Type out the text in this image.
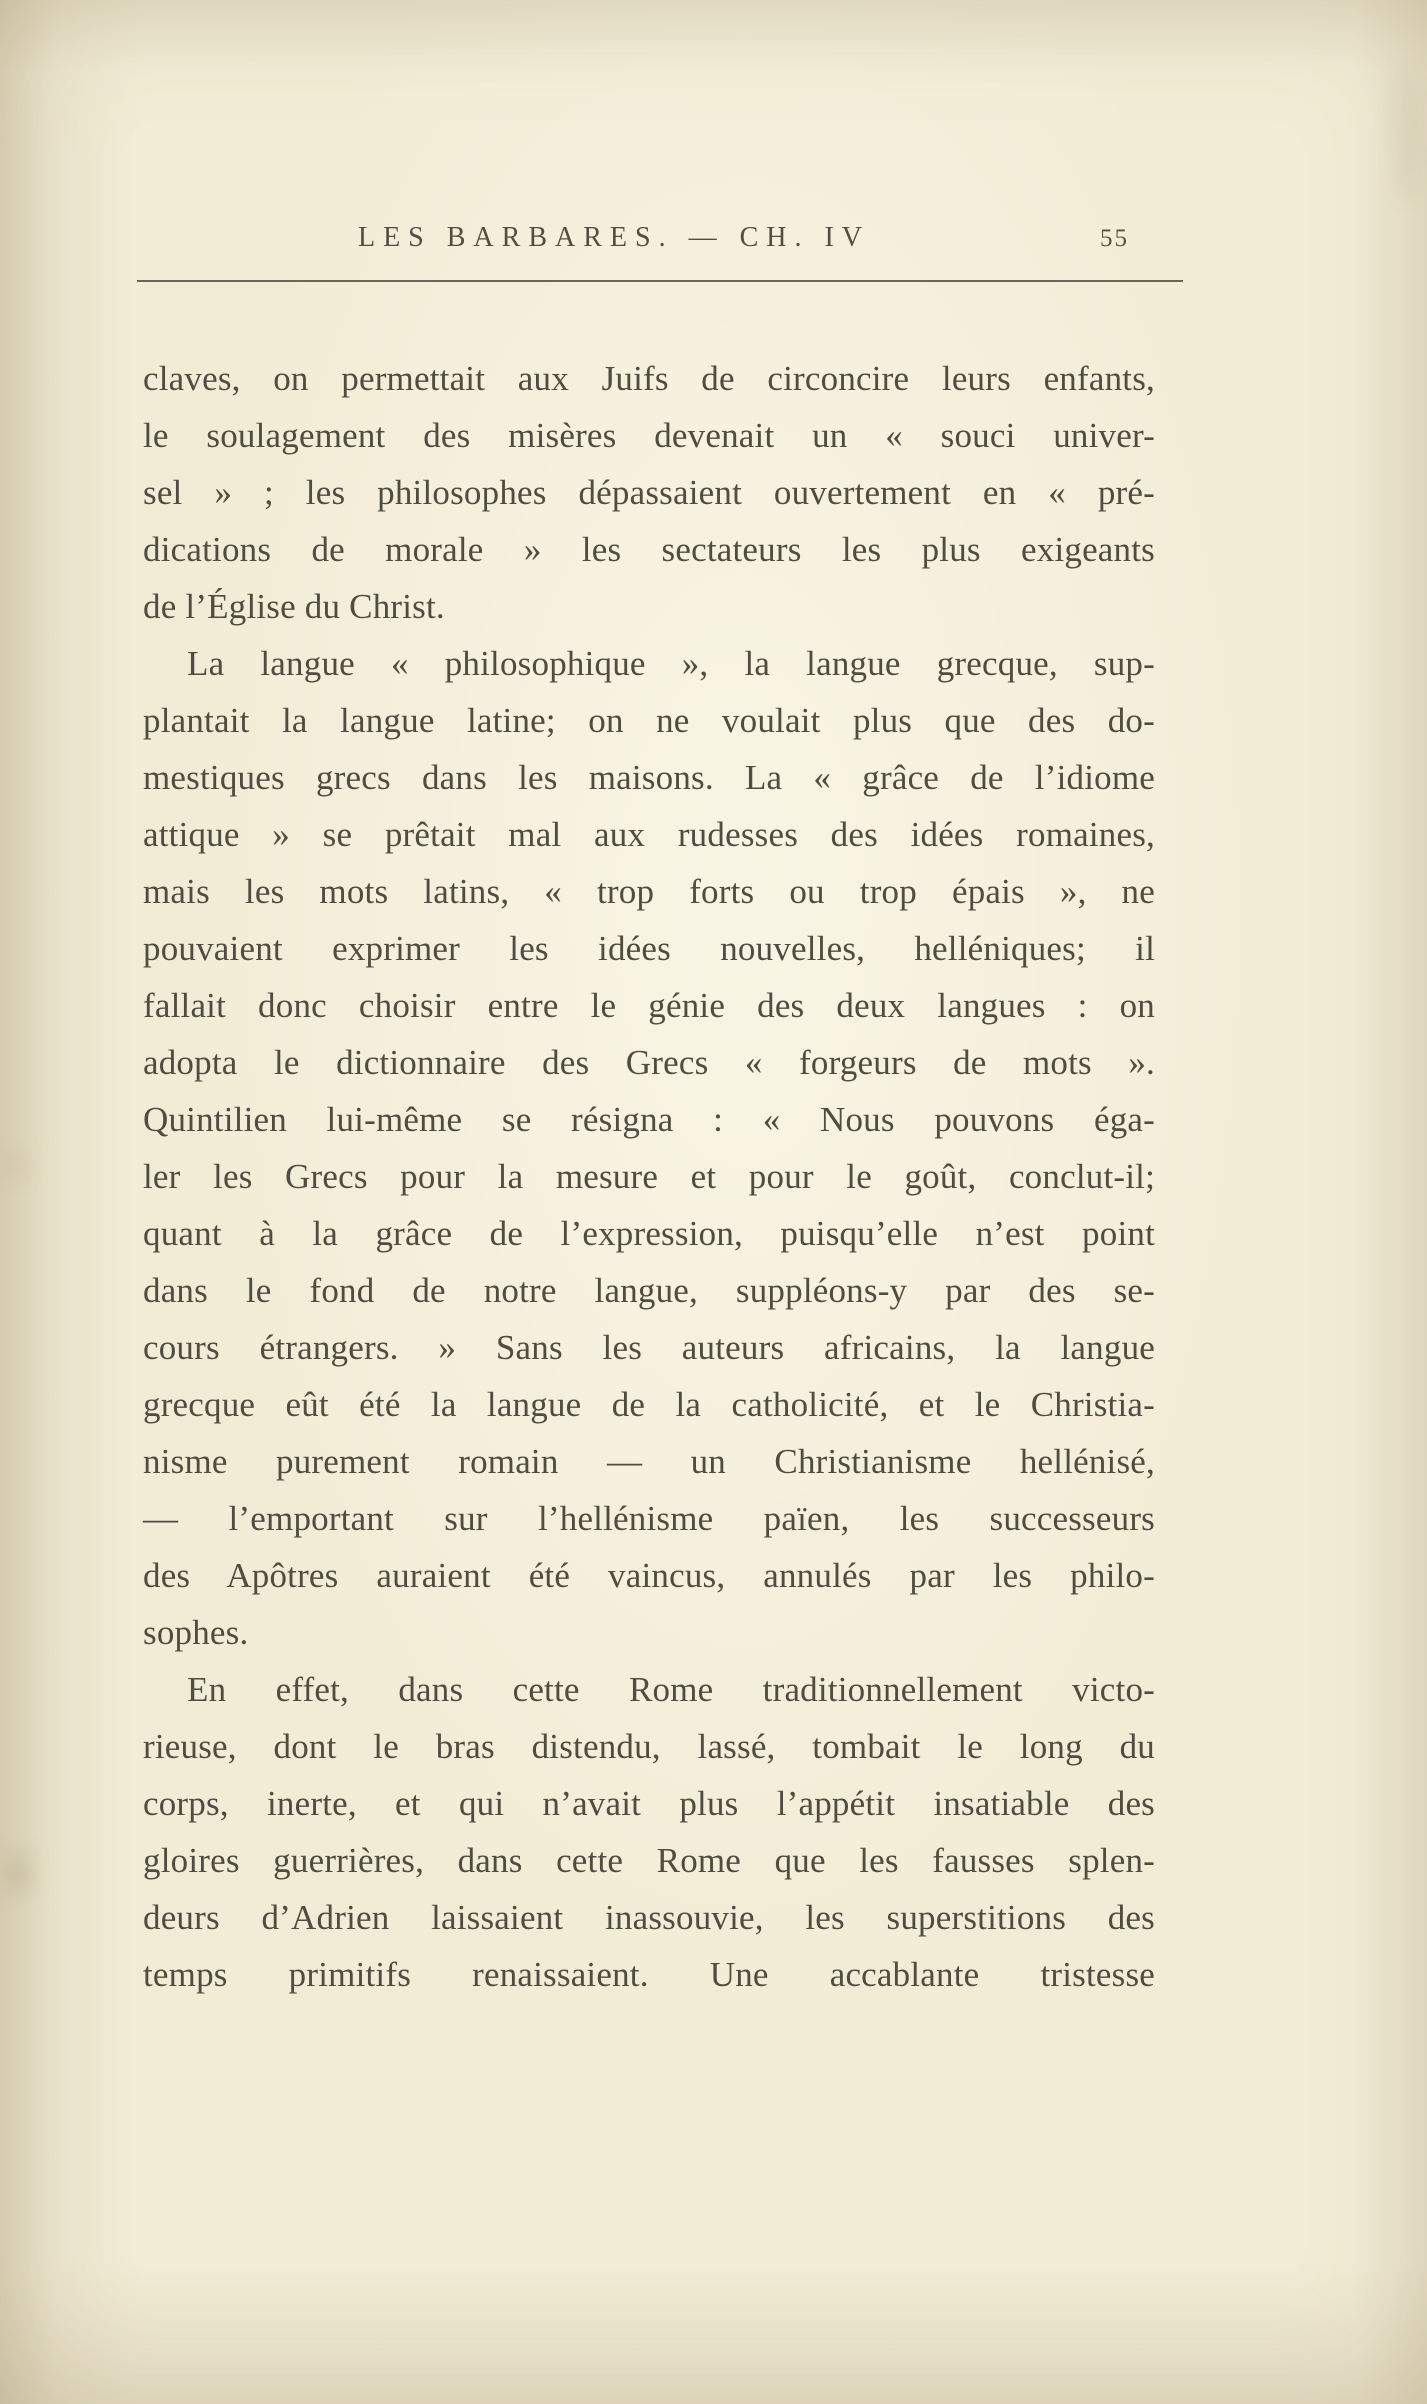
LES BARBARES. — CH. IV	55
claves, on permettait aux Juifs de circoncire leurs enfants,
le soulagement des misères devenait un « souci univer-
sel » ; les philosophes dépassaient ouvertement en « pré-
dications de morale » les sectateurs les plus exigeants
de l’Église du Christ.
La langue « philosophique », la langue grecque, sup-
plantait la langue latine; on ne voulait plus que des do-
mestiques grecs dans les maisons. La « grâce de l’idiome
attique » se prêtait mal aux rudesses des idées romaines,
mais les mots latins, « trop forts ou trop épais », ne
pouvaient exprimer les idées nouvelles, helléniques; il
fallait donc choisir entre le génie des deux langues : on
adopta le dictionnaire des Grecs « forgeurs de mots ».
Quintilien lui-même se résigna : « Nous pouvons éga-
ler les Grecs pour la mesure et pour le goût, conclut-il;
quant à la grâce de l’expression, puisqu’elle n’est point
dans le fond de notre langue, suppléons-y par des se-
cours étrangers. » Sans les auteurs africains, la langue
grecque eût été la langue de la catholicité, et le Christia-
nisme purement romain — un Christianisme hellénisé,
— l’emportant sur l’hellénisme païen, les successeurs
des Apôtres auraient été vaincus, annulés par les philo-
sophes.
En effet, dans cette Rome traditionnellement victo-
rieuse, dont le bras distendu, lassé, tombait le long du
corps, inerte, et qui n’avait plus l’appétit insatiable des
gloires guerrières, dans cette Rome que les fausses splen-
deurs d’Adrien laissaient inassouvie, les superstitions des
temps primitifs renaissaient. Une accablante tristesse
